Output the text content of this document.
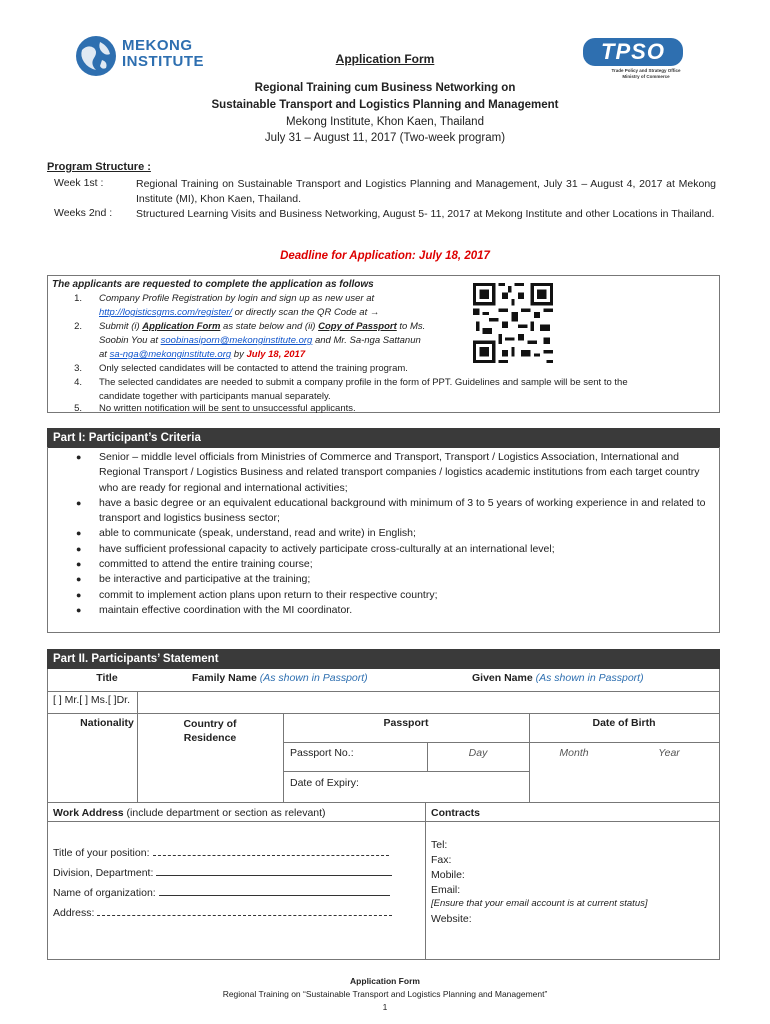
MEKONG
INSTITUTE	TPSO
Trade Policy and Strategy Office Ministry of Commerce
Application Form
Regional Training cum Business Networking on
Sustainable Transport and Logistics Planning and Management
Mekong Institute, Khon Kaen, Thailand
July 31 – August 11, 2017 (Two-week program)
Program Structure :
Week 1st :	Regional Training on Sustainable Transport and Logistics Planning and Management, July 31 – August 4, 2017 at Mekong Institute (MI), Khon Kaen, Thailand.
Weeks 2nd : Structured Learning Visits and Business Networking, August 5- 11, 2017 at Mekong Institute and other Locations in Thailand.
Deadline for Application: July 18, 2017
The applicants are requested to complete the application as follows
1. Company Profile Registration by login and sign up as new user at
http://logisticsgms.com/register/ or directly scan the QR Code at →
2. Submit (i) Application Form as state below and (ii) Copy of Passport to Ms.
Soobin You at soobinasiporn@mekonginstitute.org and Mr. Sa-nga Sattanun
at sa-nga@mekonginstitute.org by July 18, 2017
3. Only selected candidates will be contacted to attend the training program.
4. The selected candidates are needed to submit a company profile in the form of PPT. Guidelines and sample will be sent to the
candidate together with participants manual separately.
5. No written notification will be sent to unsuccessful applicants.
Part I: Participant’s Criteria
● Senior – middle level officials from Ministries of Commerce and Transport, Transport / Logistics Association, International and Regional Transport / Logistics Business and related transport companies / logistics academic institutions from each target country who are ready for regional and international activities;
● have a basic degree or an equivalent educational background with minimum of 3 to 5 years of working experience in and related to transport and logistics business sector;
● able to communicate (speak, understand, read and write) in English;
● have sufficient professional capacity to actively participate cross-culturally at an international level;
● committed to attend the entire training course;
● be interactive and participative at the training;
● commit to implement action plans upon return to their respective country;
● maintain effective coordination with the MI coordinator.
Part II. Participants’ Statement
Title	Family Name (As shown in Passport)	Given Name (As shown in Passport)
[ ] Mr.[ ] Ms.[ ]Dr.
Nationality	Country of
Residence
Passport	Date of Birth
Passport No.:	Day	Month	Year
Date of Expiry:
Work Address (include department or section as relevant)	Contracts
Title of your position:
Division, Department:
Name of organization:
Address:
Tel:
Fax:
Mobile:
Email:
[Ensure that your email account is at current status]
Website:
Application Form
Regional Training on “Sustainable Transport and Logistics Planning and Management”
1
